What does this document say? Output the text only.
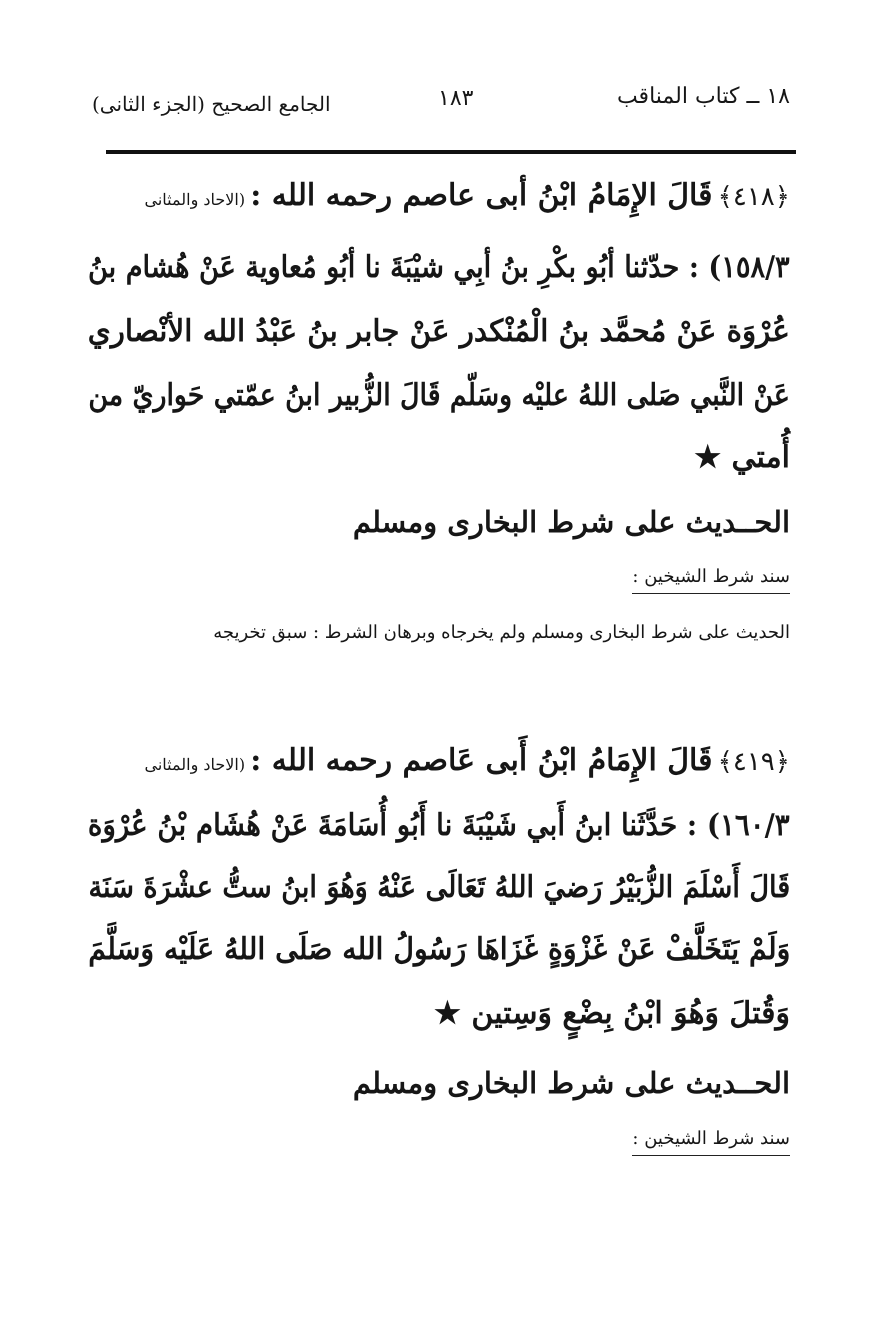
١٨ ــ كتاب المناقب
١٨٣
الجامع الصحيح (الجزء الثانى)
﴿٤١٨﴾ قَالَ الإِمَامُ ابْنُ أبى عاصم رحمه الله : (الاحاد والمثانى
١٥٨/٣) : حدّثنا أبُو بكْرِ بنُ أبِي شيْبَةَ نا أبُو مُعاوية عَنْ هُشام بنُ
عُرْوَة عَنْ مُحمَّد بنُ الْمُنْكدر عَنْ جابر بنُ عَبْدُ الله الأنْصاري
عَنْ النَّبي صَلى اللهُ عليْه وسَلّم قَالَ الزُّبير ابنُ عمّتي حَواريّ من
أُمتي ★
الحــديث على شرط البخارى ومسلم
سند شرط الشيخين :
الحديث على شرط البخارى ومسلم ولم يخرجاه وبرهان الشرط : سبق تخريجه
﴿٤١٩﴾ قَالَ الإِمَامُ ابْنُ أَبى عَاصم رحمه الله : (الاحاد والمثانى
١٦٠/٣) : حَدَّثَنا ابنُ أَبي شَيْبَةَ نا أَبُو أُسَامَةَ عَنْ هُشَام بْنُ عُرْوَة
قَالَ أَسْلَمَ الزُّبَيْرُ رَضيَ اللهُ تَعَالَى عَنْهُ وَهُوَ ابنُ ستُّ عشْرَةَ سَنَة
وَلَمْ يَتَخَلَّفْ عَنْ غَزْوَةٍ غَزَاهَا رَسُولُ الله صَلَى اللهُ عَلَيْه وَسَلَّمَ
وَقُتلَ وَهُوَ ابْنُ بِضْعٍ وَسِتين ★
الحــديث على شرط البخارى ومسلم
سند شرط الشيخين :
